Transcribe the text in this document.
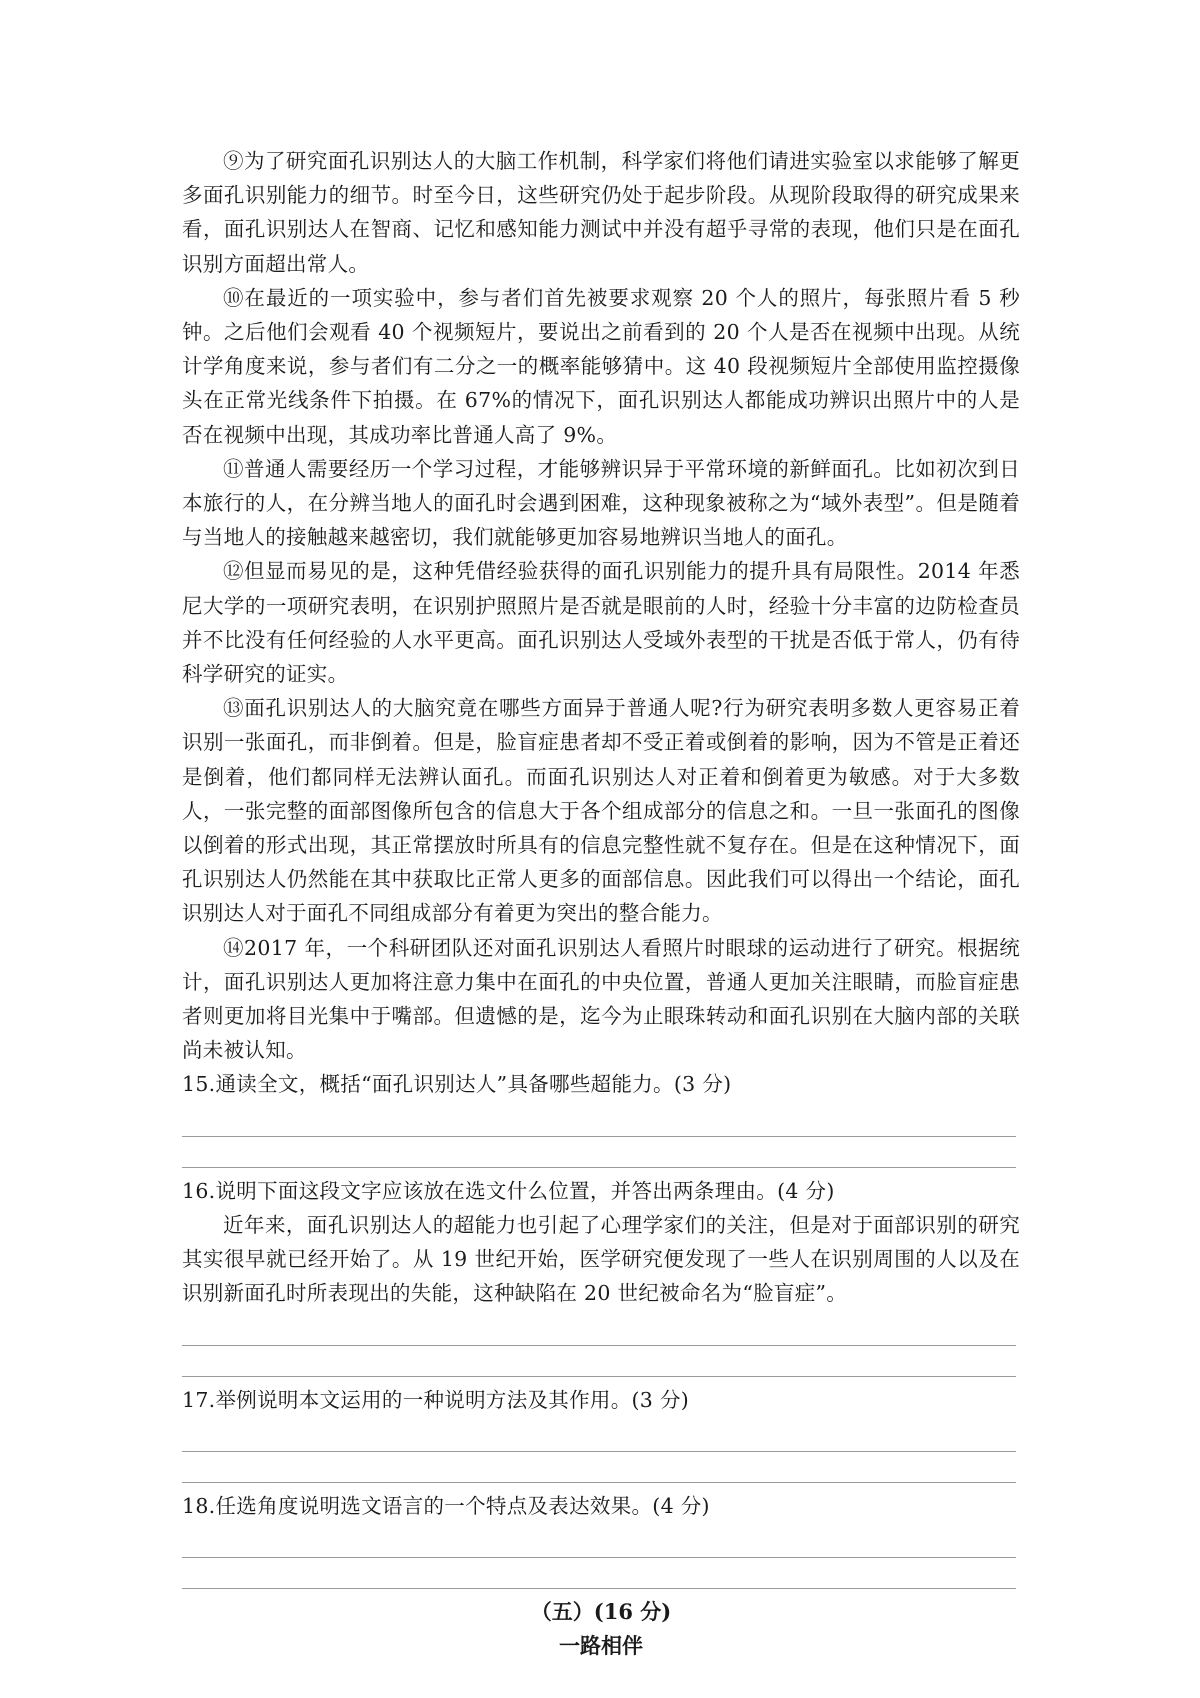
⑨为了研究面孔识别达人的大脑工作机制，科学家们将他们请进实验室以求能够了解更多面孔识别能力的细节。时至今日，这些研究仍处于起步阶段。从现阶段取得的研究成果来看，面孔识别达人在智商、记忆和感知能力测试中并没有超乎寻常的表现，他们只是在面孔识别方面超出常人。

⑩在最近的一项实验中，参与者们首先被要求观察 20 个人的照片，每张照片看 5 秒钟。之后他们会观看 40 个视频短片，要说出之前看到的 20 个人是否在视频中出现。从统计学角度来说，参与者们有二分之一的概率能够猜中。这 40 段视频短片全部使用监控摄像头在正常光线条件下拍摄。在 67%的情况下，面孔识别达人都能成功辨识出照片中的人是否在视频中出现，其成功率比普通人高了 9%。

⑪普通人需要经历一个学习过程，才能够辨识异于平常环境的新鲜面孔。比如初次到日本旅行的人，在分辨当地人的面孔时会遇到困难，这种现象被称之为“域外表型”。但是随着与当地人的接触越来越密切，我们就能够更加容易地辨识当地人的面孔。

⑫但显而易见的是，这种凭借经验获得的面孔识别能力的提升具有局限性。2014 年悉尼大学的一项研究表明，在识别护照照片是否就是眼前的人时，经验十分丰富的边防检查员并不比没有任何经验的人水平更高。面孔识别达人受域外表型的干扰是否低于常人，仍有待科学研究的证实。

⑬面孔识别达人的大脑究竟在哪些方面异于普通人呢?行为研究表明多数人更容易正着识别一张面孔，而非倒着。但是，脸盲症患者却不受正着或倒着的影响，因为不管是正着还是倒着，他们都同样无法辨认面孔。而面孔识别达人对正着和倒着更为敏感。对于大多数人，一张完整的面部图像所包含的信息大于各个组成部分的信息之和。一旦一张面孔的图像以倒着的形式出现，其正常摆放时所具有的信息完整性就不复存在。但是在这种情况下，面孔识别达人仍然能在其中获取比正常人更多的面部信息。因此我们可以得出一个结论，面孔识别达人对于面孔不同组成部分有着更为突出的整合能力。

⑭2017 年，一个科研团队还对面孔识别达人看照片时眼球的运动进行了研究。根据统计，面孔识别达人更加将注意力集中在面孔的中央位置，普通人更加关注眼睛，而脸盲症患者则更加将目光集中于嘴部。但遗憾的是，迄今为止眼珠转动和面孔识别在大脑内部的关联尚未被认知。

15.通读全文，概括“面孔识别达人”具备哪些超能力。(3 分)

16.说明下面这段文字应该放在选文什么位置，并答出两条理由。(4 分)

近年来，面孔识别达人的超能力也引起了心理学家们的关注，但是对于面部识别的研究其实很早就已经开始了。从 19 世纪开始，医学研究便发现了一些人在识别周围的人以及在识别新面孔时所表现出的失能，这种缺陷在 20 世纪被命名为“脸盲症”。

17.举例说明本文运用的一种说明方法及其作用。(3 分)

18.任选角度说明选文语言的一个特点及表达效果。(4 分)

（五）(16 分)
一路相伴
